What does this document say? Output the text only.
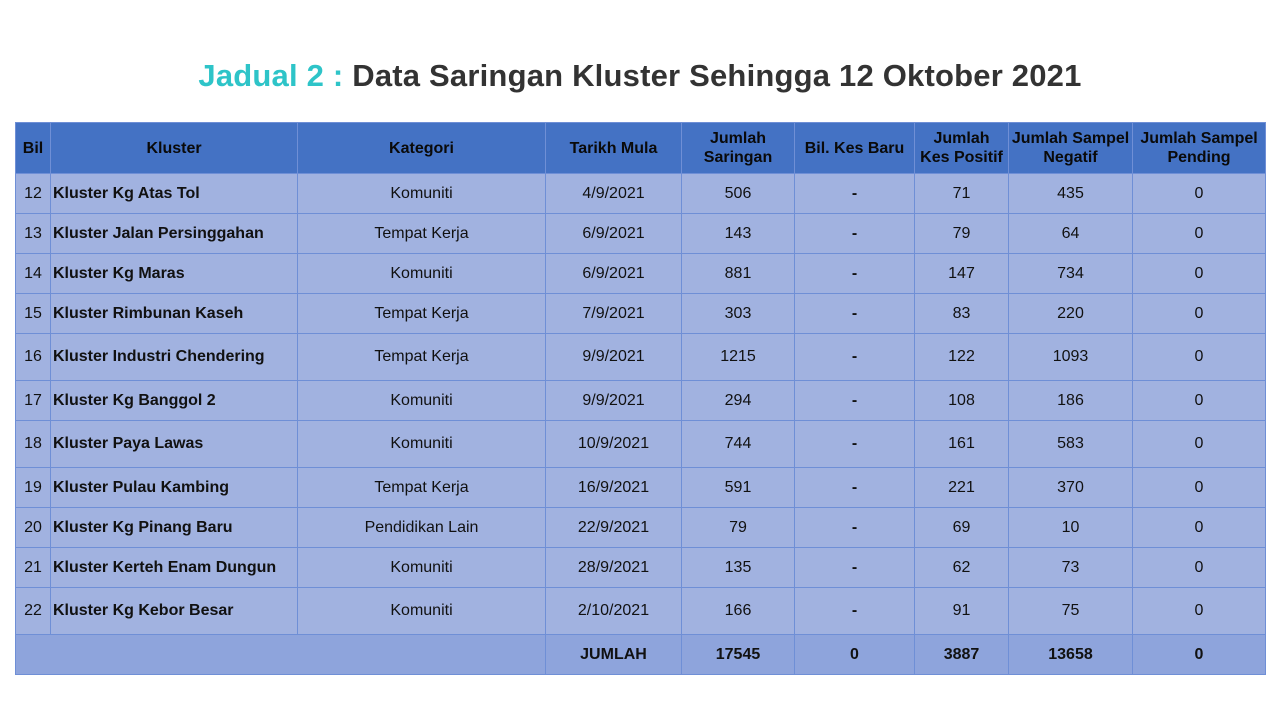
Jadual 2 : Data Saringan Kluster Sehingga 12 Oktober 2021
Bil	Kluster	Kategori	Tarikh Mula	Jumlah Saringan	Bil. Kes Baru	Jumlah Kes Positif	Jumlah Sampel Negatif	Jumlah Sampel Pending
12	Kluster Kg Atas Tol	Komuniti	4/9/2021	506	-	71	435	0
13	Kluster Jalan Persinggahan	Tempat Kerja	6/9/2021	143	-	79	64	0
14	Kluster Kg Maras	Komuniti	6/9/2021	881	-	147	734	0
15	Kluster Rimbunan Kaseh	Tempat Kerja	7/9/2021	303	-	83	220	0
16	Kluster Industri Chendering	Tempat Kerja	9/9/2021	1215	-	122	1093	0
17	Kluster Kg Banggol 2	Komuniti	9/9/2021	294	-	108	186	0
18	Kluster Paya Lawas	Komuniti	10/9/2021	744	-	161	583	0
19	Kluster Pulau Kambing	Tempat Kerja	16/9/2021	591	-	221	370	0
20	Kluster Kg Pinang Baru	Pendidikan Lain	22/9/2021	79	-	69	10	0
21	Kluster Kerteh Enam Dungun	Komuniti	28/9/2021	135	-	62	73	0
22	Kluster Kg Kebor Besar	Komuniti	2/10/2021	166	-	91	75	0
			JUMLAH	17545	0	3887	13658	0
